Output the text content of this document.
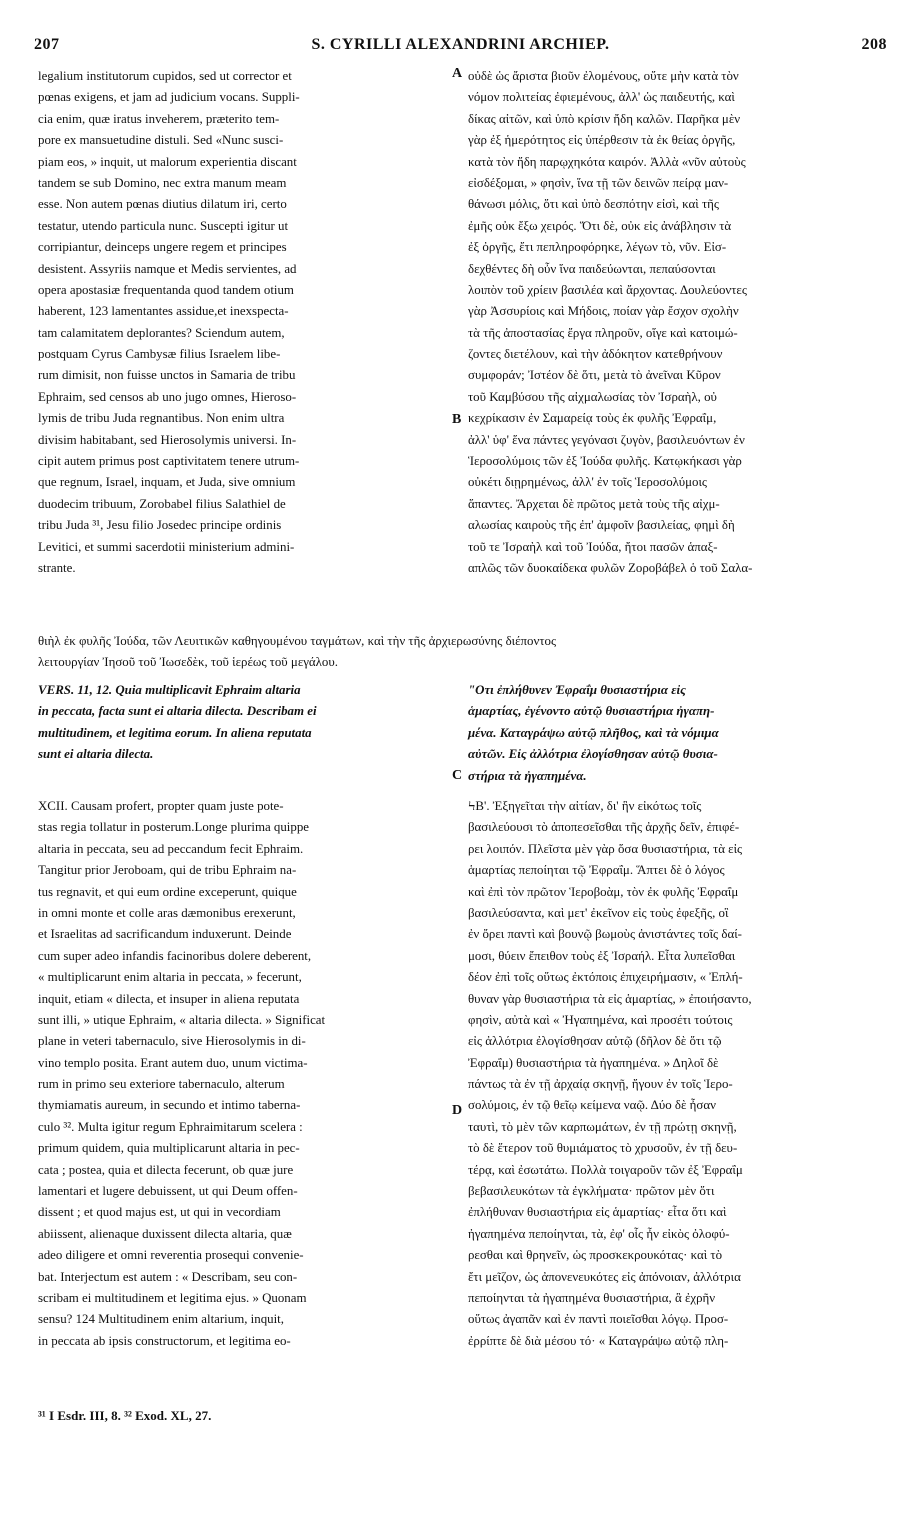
207	S. CYRILLI ALEXANDRINI ARCHIEP.	208
legalium institutorum cupidos, sed ut corrector et
pœnas exigens, et jam ad judicium vocans. Suppli-
cia enim, quæ iratus inveherem, præterito tem-
pore ex mansuetudine distuli. Sed «Nunc susci-
piam eos, » inquit, ut malorum experientia discant
tandem se sub Domino, nec extra manum meam
esse. Non autem pœnas diutius dilatum iri, certo
testatur, utendo particula nunc. Suscepti igitur ut
corripiantur, deinceps ungere regem et principes
desistent. Assyriis namque et Medis servientes, ad
opera apostasiæ frequentanda quod tandem otium
haberent, 123 lamentantes assidue,et inexspecta-
tam calamitatem deplorantes? Sciendum autem,
postquam Cyrus Cambysæ filius Israelem libe-
rum dimisit, non fuisse unctos in Samaria de tribu
Ephraim, sed censos ab uno jugo omnes, Hieroso-
lymis de tribu Juda regnantibus. Non enim ultra
divisim habitabant, sed Hierosolymis universi. In-
cipit autem primus post captivitatem tenere utrum-
que regnum, Israel, inquam, et Juda, sive omnium
duodecim tribuum, Zorobabel filius Salathiel de
tribu Juda ³¹, Jesu filio Josedec principe ordinis
Levitici, et summi sacerdotii ministerium admini-
strante.
οὐδὲ ὡς ἄριστα βιοῦν ἐλομένους, οὔτε μὴν κατὰ τὸν
νόμον πολιτείας ἐφιεμένους, ἀλλ' ὡς παιδευτής, καὶ
δίκας αἰτῶν, καὶ ὑπὸ κρίσιν ἤδη καλῶν. Παρῆκα μὲν
γὰρ ἐξ ἡμερότητος εἰς ὑπέρθεσιν τὰ ἐκ θείας ὀργῆς,
κατὰ τὸν ἤδη παρῳχηκότα καιρόν. Ἀλλὰ «νῦν αὐτοὺς
εἰσδέξομαι, » φησὶν, ἵνα τῇ τῶν δεινῶν πείρᾳ μαν-
θάνωσι μόλις, ὅτι καὶ ὑπὸ δεσπότην εἰσὶ, καὶ τῆς
ἐμῆς οὐκ ἔξω χειρός. Ὅτι δὲ, οὐκ εἰς ἀνάβλησιν τὰ
ἐξ ὀργῆς, ἔτι πεπληροφόρηκε, λέγων τὸ, νῦν. Εἰσ-
δεχθέντες δὴ οὖν ἵνα παιδεύωνται, πεπαύσονται
λοιπὸν τοῦ χρίειν βασιλέα καὶ ἄρχοντας. Δουλεύοντες
γὰρ Ἀσσυρίοις καὶ Μήδοις, ποίαν γὰρ ἔσχον σχολὴν
τὰ τῆς ἀποστασίας ἔργα πληροῦν, οἵγε καὶ κατοιμώ-
ζοντες διετέλουν, καὶ τὴν ἀδόκητον κατεθρήνουν
συμφοράν; Ἰστέον δὲ ὅτι, μετὰ τὸ ἀνεῖναι Κῦρον
τοῦ Καμβύσου τῆς αἰχμαλωσίας τὸν Ἰσραὴλ, οὐ
κεχρίκασιν ἐν Σαμαρείᾳ τοὺς ἐκ φυλῆς Ἐφραΐμ,
ἀλλ' ὑφ' ἕνα πάντες γεγόνασι ζυγὸν, βασιλευόντων ἐν
Ἱεροσολύμοις τῶν ἐξ Ἰούδα φυλῆς. Κατῳκήκασι γὰρ
οὐκέτι διῃρημένως, ἀλλ' ἐν τοῖς Ἱεροσολύμοις
ἅπαντες. Ἄρχεται δὲ πρῶτος μετὰ τοὺς τῆς αἰχμ-
αλωσίας καιροὺς τῆς ἐπ' ἀμφοῖν βασιλείας, φημὶ δὴ
τοῦ τε Ἰσραὴλ καὶ τοῦ Ἰούδα, ἤτοι πασῶν ἁπαξ-
απλῶς τῶν δυοκαίδεκα φυλῶν Ζοροβάβελ ὁ τοῦ Σαλα-
A
B
C
D
θιὴλ ἐκ φυλῆς Ἰούδα, τῶν Λευιτικῶν καθηγουμένου ταγμάτων, καὶ τὴν τῆς ἀρχιερωσύνης διέποντος
λειτουργίαν Ἰησοῦ τοῦ Ἰωσεδὲκ, τοῦ ἱερέως τοῦ μεγάλου.
VERS. 11, 12. Quia multiplicavit Ephraim altaria
in peccata, facta sunt ei altaria dilecta. Describam ei
multitudinem, et legitima eorum. In aliena reputata
sunt ei altaria dilecta.
"Οτι ἐπλήθυνεν Ἐφραΐμ θυσιαστήρια εἰς
ἁμαρτίας, ἐγένοντο αὐτῷ θυσιαστήρια ἠγαπη-
μένα. Καταγράψω αὐτῷ πλῆθος, καὶ τὰ νόμιμα
αὐτῶν. Εἰς ἀλλότρια ἐλογίσθησαν αὐτῷ θυσια-
στήρια τὰ ἠγαπημένα.
XCII. Causam profert, propter quam juste pote-
stas regia tollatur in posterum.Longe plurima quippe
altaria in peccata, seu ad peccandum fecit Ephraim.
Tangitur prior Jeroboam, qui de tribu Ephraim na-
tus regnavit, et qui eum ordine exceperunt, quique
in omni monte et colle aras dæmonibus erexerunt,
et Israelitas ad sacrificandum induxerunt. Deinde
cum super adeo infandis facinoribus dolere deberent,
« multiplicarunt enim altaria in peccata, » fecerunt,
inquit, etiam « dilecta, et insuper in aliena reputata
sunt illi, » utique Ephraim, « altaria dilecta. » Significat
plane in veteri tabernaculo, sive Hierosolymis in di-
vino templo posita. Erant autem duo, unum victima-
rum in primo seu exteriore tabernaculo, alterum
thymiamatis aureum, in secundo et intimo taberna-
culo ³². Multa igitur regum Ephraimitarum scelera :
primum quidem, quia multiplicarunt altaria in pec-
cata ; postea, quia et dilecta fecerunt, ob quæ jure
lamentari et lugere debuissent, ut qui Deum offen-
dissent ; et quod majus est, ut qui in vecordiam
abiissent, alienaque duxissent dilecta altaria, quæ
adeo diligere et omni reverentia prosequi convenie-
bat. Interjectum est autem : « Describam, seu con-
scribam ei multitudinem et legitima ejus. » Quonam
sensu? 124 Multitudinem enim altarium, inquit,
in peccata ab ipsis constructorum, et legitima eo-
ϞΒ'. Ἐξηγεῖται τὴν αἰτίαν, δι' ἣν εἰκότως τοῖς
βασιλεύουσι τὸ ἀποπεσεῖσθαι τῆς ἀρχῆς δεῖν, ἐπιφέ-
ρει λοιπόν. Πλεῖστα μὲν γὰρ ὅσα θυσιαστήρια, τὰ εἰς
ἁμαρτίας πεποίηται τῷ Ἐφραΐμ. Ἅπτει δὲ ὁ λόγος
καὶ ἐπὶ τὸν πρῶτον Ἱεροβοὰμ, τὸν ἐκ φυλῆς Ἐφραΐμ
βασιλεύσαντα, καὶ μετ' ἐκεῖνον εἰς τοὺς ἐφεξῆς, οἳ
ἐν ὄρει παντὶ καὶ βουνῷ βωμοὺς ἀνιστάντες τοῖς δαί-
μοσι, θύειν ἔπειθον τοὺς ἐξ Ἰσραήλ. Εἶτα λυπεῖσθαι
δέον ἐπὶ τοῖς οὕτως ἐκτόποις ἐπιχειρήμασιν, « Ἐπλή-
θυναν γὰρ θυσιαστήρια τὰ εἰς ἁμαρτίας, » ἐποιήσαντο,
φησὶν, αὐτὰ καὶ « Ἠγαπημένα, καὶ προσέτι τούτοις
εἰς ἀλλότρια ἐλογίσθησαν αὐτῷ (δῆλον δὲ ὅτι τῷ
Ἐφραΐμ) θυσιαστήρια τὰ ἠγαπημένα. » Δηλοῖ δὲ
πάντως τὰ ἐν τῇ ἀρχαίᾳ σκηνῇ, ἤγουν ἐν τοῖς Ἱερο-
σολύμοις, ἐν τῷ θεῖῳ κείμενα ναῷ. Δύο δὲ ἦσαν
ταυτὶ, τὸ μὲν τῶν καρπωμάτων, ἐν τῇ πρώτῃ σκηνῇ,
τὸ δὲ ἕτερον τοῦ θυμιάματος τὸ χρυσοῦν, ἐν τῇ δευ-
τέρᾳ, καὶ ἐσωτάτω. Πολλὰ τοιγαροῦν τῶν ἐξ Ἐφραΐμ
βεβασιλευκότων τὰ ἐγκλήματα· πρῶτον μὲν ὅτι
ἐπλήθυναν θυσιαστήρια εἰς ἁμαρτίας· εἶτα ὅτι καὶ
ἠγαπημένα πεποίηνται, τὰ, ἐφ' οἷς ἦν εἰκὸς ὀλοφύ-
ρεσθαι καὶ θρηνεῖν, ὡς προσκεκρουκότας· καὶ τὸ
ἔτι μεῖζον, ὡς ἀπονενευκότες εἰς ἀπόνοιαν, ἀλλότρια
πεποίηνται τὰ ἠγαπημένα θυσιαστήρια, ἃ ἐχρῆν
οὕτως ἀγαπᾶν καὶ ἐν παντὶ ποιεῖσθαι λόγῳ. Προσ-
ἐρρίπτε δὲ διὰ μέσου τό· « Καταγράψω αὐτῷ πλη-
³¹ I Esdr. III, 8. ³² Exod. XL, 27.
